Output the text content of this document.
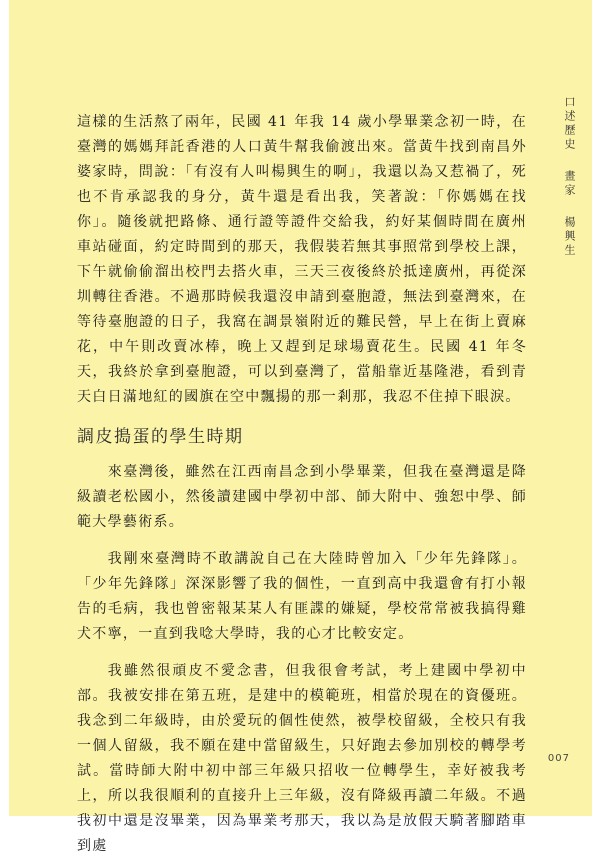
這樣的生活熬了兩年，民國 41 年我 14 歲小學畢業念初一時，在臺灣的媽媽拜託香港的人口黃牛幫我偷渡出來。當黃牛找到南昌外婆家時，問說：「有沒有人叫楊興生的啊」，我還以為又惹禍了，死也不肯承認我的身分，黃牛還是看出我，笑著說：「你媽媽在找你」。隨後就把路條、通行證等證件交給我，約好某個時間在廣州車站碰面，約定時間到的那天，我假裝若無其事照常到學校上課，下午就偷偷溜出校門去搭火車，三天三夜後終於抵達廣州，再從深圳轉往香港。不過那時候我還沒申請到臺胞證，無法到臺灣來，在等待臺胞證的日子，我窩在調景嶺附近的難民營，早上在街上賣麻花，中午則改賣冰棒，晚上又趕到足球場賣花生。民國 41 年冬天，我終於拿到臺胞證，可以到臺灣了，當船靠近基隆港，看到青天白日滿地紅的國旗在空中飄揚的那一剎那，我忍不住掉下眼淚。

調皮搗蛋的學生時期

來臺灣後，雖然在江西南昌念到小學畢業，但我在臺灣還是降級讀老松國小，然後讀建國中學初中部、師大附中、強恕中學、師範大學藝術系。

我剛來臺灣時不敢講說自己在大陸時曾加入「少年先鋒隊」。「少年先鋒隊」深深影響了我的個性，一直到高中我還會有打小報告的毛病，我也曾密報某某人有匪諜的嫌疑，學校常常被我搞得雞犬不寧，一直到我唸大學時，我的心才比較安定。

我雖然很頑皮不愛念書，但我很會考試，考上建國中學初中部。我被安排在第五班，是建中的模範班，相當於現在的資優班。我念到二年級時，由於愛玩的個性使然，被學校留級，全校只有我一個人留級，我不願在建中當留級生，只好跑去參加別校的轉學考試。當時師大附中初中部三年級只招收一位轉學生，幸好被我考上，所以我很順利的直接升上三年級，沒有降級再讀二年級。不過我初中還是沒畢業，因為畢業考那天，我以為是放假天騎著腳踏車到處

口述歷史畫家楊興生
007
